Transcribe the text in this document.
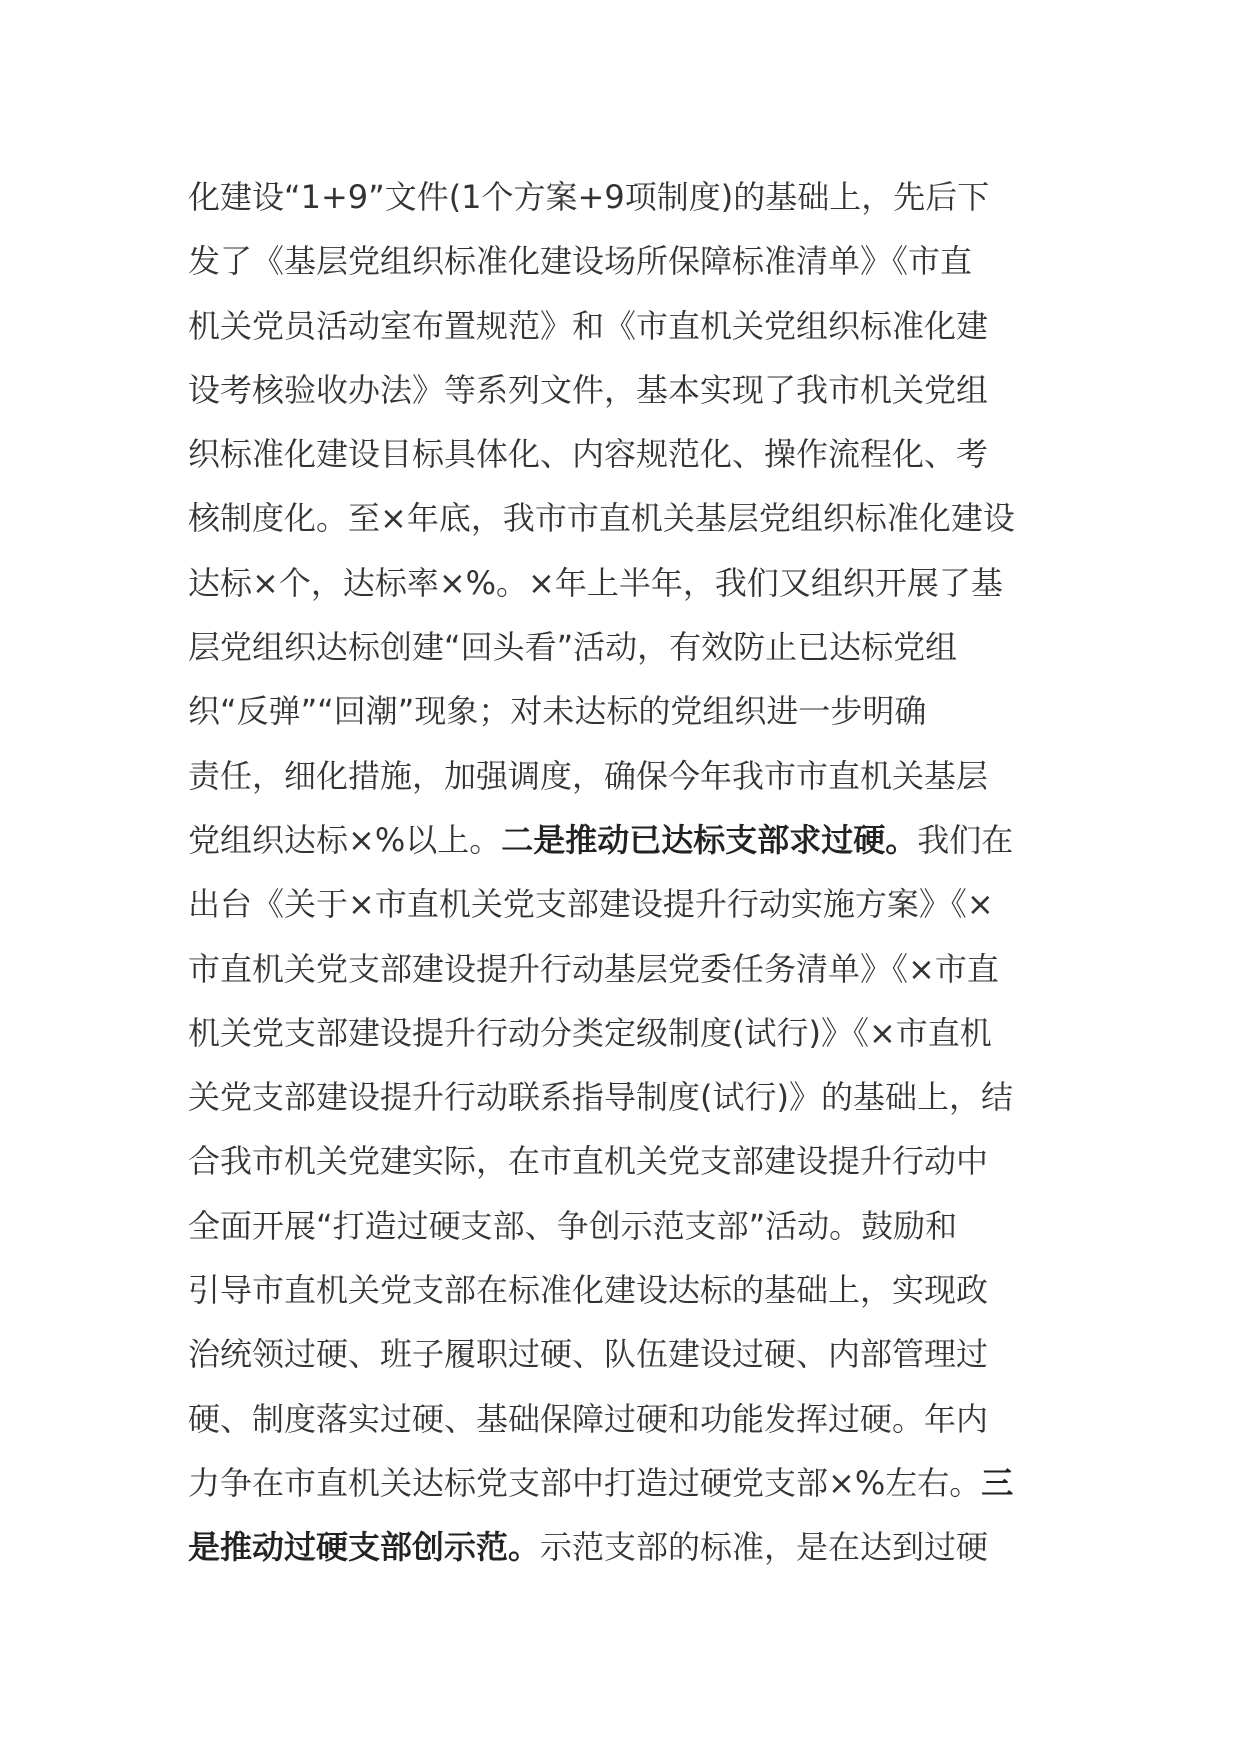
化建设“1+9”文件(1个方案+9项制度)的基础上，先后下
发了《基层党组织标准化建设场所保障标准清单》《市直
机关党员活动室布置规范》和《市直机关党组织标准化建
设考核验收办法》等系列文件，基本实现了我市机关党组
织标准化建设目标具体化、内容规范化、操作流程化、考
核制度化。至×年底，我市市直机关基层党组织标准化建设
达标×个，达标率×%。×年上半年，我们又组织开展了基
层党组织达标创建“回头看”活动，有效防止已达标党组
织“反弹”“回潮”现象；对未达标的党组织进一步明确
责任，细化措施，加强调度，确保今年我市市直机关基层
党组织达标×%以上。二是推动已达标支部求过硬。我们在
出台《关于×市直机关党支部建设提升行动实施方案》《×
市直机关党支部建设提升行动基层党委任务清单》《×市直
机关党支部建设提升行动分类定级制度(试行)》《×市直机
关党支部建设提升行动联系指导制度(试行)》的基础上，结
合我市机关党建实际，在市直机关党支部建设提升行动中
全面开展“打造过硬支部、争创示范支部”活动。鼓励和
引导市直机关党支部在标准化建设达标的基础上，实现政
治统领过硬、班子履职过硬、队伍建设过硬、内部管理过
硬、制度落实过硬、基础保障过硬和功能发挥过硬。年内
力争在市直机关达标党支部中打造过硬党支部×%左右。三
是推动过硬支部创示范。示范支部的标准，是在达到过硬
